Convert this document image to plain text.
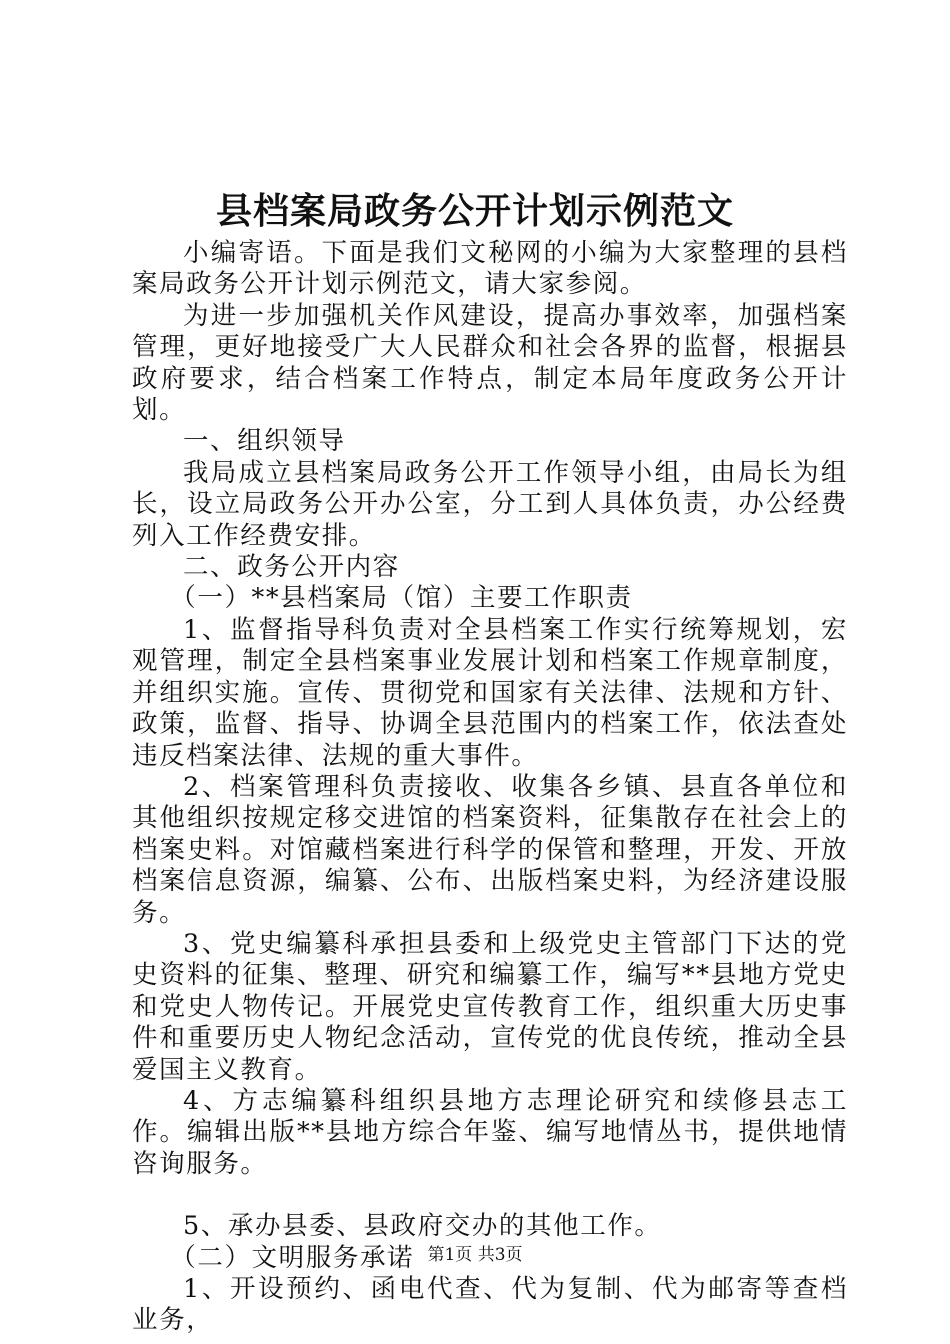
县档案局政务公开计划示例范文

小编寄语。下面是我们文秘网的小编为大家整理的县档案局政务公开计划示例范文，请大家参阅。

为进一步加强机关作风建设，提高办事效率，加强档案管理，更好地接受广大人民群众和社会各界的监督，根据县政府要求，结合档案工作特点，制定本局年度政务公开计划。

一、组织领导

我局成立县档案局政务公开工作领导小组，由局长为组长，设立局政务公开办公室，分工到人具体负责，办公经费列入工作经费安排。

二、政务公开内容

（一）**县档案局（馆）主要工作职责

1、监督指导科负责对全县档案工作实行统筹规划，宏观管理，制定全县档案事业发展计划和档案工作规章制度，并组织实施。宣传、贯彻党和国家有关法律、法规和方针、政策，监督、指导、协调全县范围内的档案工作，依法查处违反档案法律、法规的重大事件。

2、档案管理科负责接收、收集各乡镇、县直各单位和其他组织按规定移交进馆的档案资料，征集散存在社会上的档案史料。对馆藏档案进行科学的保管和整理，开发、开放档案信息资源，编纂、公布、出版档案史料，为经济建设服务。

3、党史编纂科承担县委和上级党史主管部门下达的党史资料的征集、整理、研究和编纂工作，编写**县地方党史和党史人物传记。开展党史宣传教育工作，组织重大历史事件和重要历史人物纪念活动，宣传党的优良传统，推动全县爱国主义教育。

4、方志编纂科组织县地方志理论研究和续修县志工作。编辑出版**县地方综合年鉴、编写地情丛书，提供地情咨询服务。

5、承办县委、县政府交办的其他工作。

（二）文明服务承诺

1、开设预约、函电代查、代为复制、代为邮寄等查档业务，

第1页 共3页
